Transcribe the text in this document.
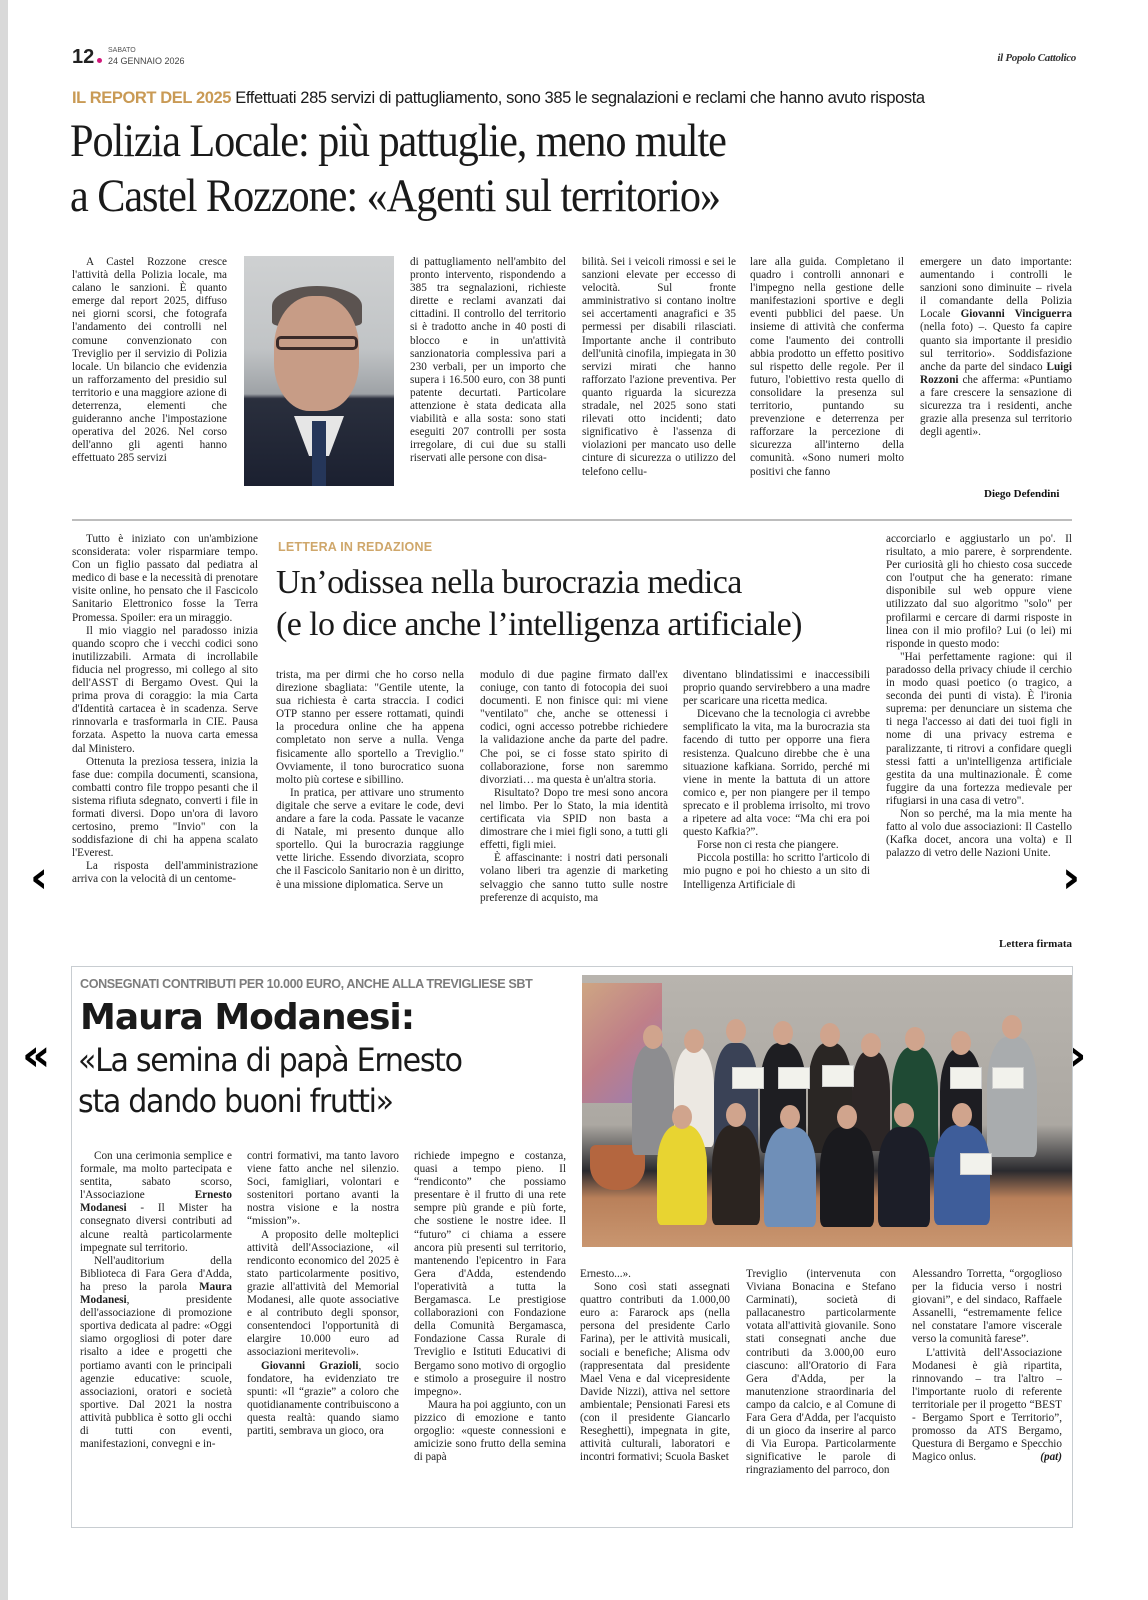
12 SABATO
24 GENNAIO 2026	il Popolo Cattolico
IL REPORT DEL 2025 Effettuati 285 servizi di pattugliamento, sono 385 le segnalazioni e reclami che hanno avuto risposta
Polizia Locale: più pattuglie, meno multe
a Castel Rozzone: «Agenti sul territorio»

A Castel Rozzone cresce l'attività della Polizia locale, ma calano le sanzioni. È quanto emerge dal report 2025, diffuso nei giorni scorsi, che fotografa l'andamento dei controlli nel comune convenzionato con Treviglio per il servizio di Polizia locale. Un bilancio che evidenzia un rafforzamento del presidio sul territorio e una maggiore azione di deterrenza, elementi che guideranno anche l'impostazione operativa del 2026. Nel corso dell'anno gli agenti hanno effettuato 285 servizi

di pattugliamento nell'ambito del pronto intervento, rispondendo a 385 tra segnalazioni, richieste dirette e reclami avanzati dai cittadini. Il controllo del territorio si è tradotto anche in 40 posti di blocco e in un'attività sanzionatoria complessiva pari a 230 verbali, per un importo che supera i 16.500 euro, con 38 punti patente decurtati. Particolare attenzione è stata dedicata alla viabilità e alla sosta: sono stati eseguiti 207 controlli per sosta irregolare, di cui due su stalli riservati alle persone con disa-

bilità. Sei i veicoli rimossi e sei le sanzioni elevate per eccesso di velocità. Sul fronte amministrativo si contano inoltre sei accertamenti anagrafici e 35 permessi per disabili rilasciati. Importante anche il contributo dell'unità cinofila, impiegata in 30 servizi mirati che hanno rafforzato l'azione preventiva. Per quanto riguarda la sicurezza stradale, nel 2025 sono stati rilevati otto incidenti; dato significativo è l'assenza di violazioni per mancato uso delle cinture di sicurezza o utilizzo del telefono cellu-

lare alla guida. Completano il quadro i controlli annonari e l'impegno nella gestione delle manifestazioni sportive e degli eventi pubblici del paese. Un insieme di attività che conferma come l'aumento dei controlli abbia prodotto un effetto positivo sul rispetto delle regole. Per il futuro, l'obiettivo resta quello di consolidare la presenza sul territorio, puntando su prevenzione e deterrenza per rafforzare la percezione di sicurezza all'interno della comunità. «Sono numeri molto positivi che fanno

emergere un dato importante: aumentando i controlli le sanzioni sono diminuite – rivela il comandante della Polizia Locale Giovanni Vinciguerra (nella foto) –. Questo fa capire quanto sia importante il presidio sul territorio». Soddisfazione anche da parte del sindaco Luigi Rozzoni che afferma: «Puntiamo a fare crescere la sensazione di sicurezza tra i residenti, anche grazie alla presenza sul territorio degli agenti».

Diego Defendini

Tutto è iniziato con un'ambizione sconsiderata: voler risparmiare tempo. Con un figlio passato dal pediatra al medico di base e la necessità di prenotare visite online, ho pensato che il Fascicolo Sanitario Elettronico fosse la Terra Promessa. Spoiler: era un miraggio.

Il mio viaggio nel paradosso inizia quando scopro che i vecchi codici sono inutilizzabili. Armata di incrollabile fiducia nel progresso, mi collego al sito dell'ASST di Bergamo Ovest. Qui la prima prova di coraggio: la mia Carta d'Identità cartacea è in scadenza. Serve rinnovarla e trasformarla in CIE. Pausa forzata. Aspetto la nuova carta emessa dal Ministero.

Ottenuta la preziosa tessera, inizia la fase due: compila documenti, scansiona, combatti contro file troppo pesanti che il sistema rifiuta sdegnato, converti i file in formati diversi. Dopo un'ora di lavoro certosino, premo "Invio" con la soddisfazione di chi ha appena scalato l'Everest.

La risposta dell'amministrazione arriva con la velocità di un centome-

LETTERA IN REDAZIONE
Un’odissea nella burocrazia medica
(e lo dice anche l’intelligenza artificiale)

trista, ma per dirmi che ho corso nella direzione sbagliata: "Gentile utente, la sua richiesta è carta straccia. I codici OTP stanno per essere rottamati, quindi la procedura online che ha appena completato non serve a nulla. Venga fisicamente allo sportello a Treviglio." Ovviamente, il tono burocratico suona molto più cortese e sibillino.

In pratica, per attivare uno strumento digitale che serve a evitare le code, devi andare a fare la coda. Passate le vacanze di Natale, mi presento dunque allo sportello. Qui la burocrazia raggiunge vette liriche. Essendo divorziata, scopro che il Fascicolo Sanitario non è un diritto, è una missione diplomatica. Serve un

modulo di due pagine firmato dall'ex coniuge, con tanto di fotocopia dei suoi documenti. E non finisce qui: mi viene "ventilato" che, anche se ottenessi i codici, ogni accesso potrebbe richiedere la validazione anche da parte del padre. Che poi, se ci fosse stato spirito di collaborazione, forse non saremmo divorziati… ma questa è un'altra storia.

Risultato? Dopo tre mesi sono ancora nel limbo. Per lo Stato, la mia identità certificata via SPID non basta a dimostrare che i miei figli sono, a tutti gli effetti, figli miei.

È affascinante: i nostri dati personali volano liberi tra agenzie di marketing selvaggio che sanno tutto sulle nostre preferenze di acquisto, ma

diventano blindatissimi e inaccessibili proprio quando servirebbero a una madre per scaricare una ricetta medica.

Dicevano che la tecnologia ci avrebbe semplificato la vita, ma la burocrazia sta facendo di tutto per opporre una fiera resistenza. Qualcuno direbbe che è una situazione kafkiana. Sorrido, perché mi viene in mente la battuta di un attore comico e, per non piangere per il tempo sprecato e il problema irrisolto, mi trovo a ripetere ad alta voce: “Ma chi era poi questo Kafkia?”.

Forse non ci resta che piangere.

Piccola postilla: ho scritto l'articolo di mio pugno e poi ho chiesto a un sito di Intelligenza Artificiale di

accorciarlo e aggiustarlo un po'. Il risultato, a mio parere, è sorprendente. Per curiosità gli ho chiesto cosa succede con l'output che ha generato: rimane disponibile sul web oppure viene utilizzato dal suo algoritmo "solo" per profilarmi e cercare di darmi risposte in linea con il mio profilo? Lui (o lei) mi risponde in questo modo:

"Hai perfettamente ragione: qui il paradosso della privacy chiude il cerchio in modo quasi poetico (o tragico, a seconda dei punti di vista). È l'ironia suprema: per denunciare un sistema che ti nega l'accesso ai dati dei tuoi figli in nome di una privacy estrema e paralizzante, ti ritrovi a confidare quegli stessi fatti a un'intelligenza artificiale gestita da una multinazionale. È come fuggire da una fortezza medievale per rifugiarsi in una casa di vetro".

Non so perché, ma la mia mente ha fatto al volo due associazioni: Il Castello (Kafka docet, ancora una volta) e Il palazzo di vetro delle Nazioni Unite.

Lettera firmata
‹	›
«
CONSEGNATI CONTRIBUTI PER 10.000 EURO, ANCHE ALLA TREVIGLIESE SBT
Maura Modanesi:
«La semina di papà Ernesto
sta dando buoni frutti»

Con una cerimonia semplice e formale, ma molto partecipata e sentita, sabato scorso, l'Associazione Ernesto Modanesi - Il Mister ha consegnato diversi contributi ad alcune realtà particolarmente impegnate sul territorio.

Nell'auditorium della Biblioteca di Fara Gera d'Adda, ha preso la parola Maura Modanesi, presidente dell'associazione di promozione sportiva dedicata al padre: «Oggi siamo orgogliosi di poter dare risalto a idee e progetti che portiamo avanti con le principali agenzie educative: scuole, associazioni, oratori e società sportive. Dal 2021 la nostra attività pubblica è sotto gli occhi di tutti con eventi, manifestazioni, convegni e in-

contri formativi, ma tanto lavoro viene fatto anche nel silenzio. Soci, famigliari, volontari e sostenitori portano avanti la nostra visione e la nostra “mission”».

A proposito delle molteplici attività dell'Associazione, «il rendiconto economico del 2025 è stato particolarmente positivo, grazie all'attività del Memorial Modanesi, alle quote associative e al contributo degli sponsor, consentendoci l'opportunità di elargire 10.000 euro ad associazioni meritevoli».

Giovanni Grazioli, socio fondatore, ha evidenziato tre spunti: «Il “grazie” a coloro che quotidianamente contribuiscono a questa realtà: quando siamo partiti, sembrava un gioco, ora

richiede impegno e costanza, quasi a tempo pieno. Il “rendiconto” che possiamo presentare è il frutto di una rete sempre più grande e più forte, che sostiene le nostre idee. Il “futuro” ci chiama a essere ancora più presenti sul territorio, mantenendo l'epicentro in Fara Gera d'Adda, estendendo l'operatività a tutta la Bergamasca. Le prestigiose collaborazioni con Fondazione della Comunità Bergamasca, Fondazione Cassa Rurale di Treviglio e Istituti Educativi di Bergamo sono motivo di orgoglio e stimolo a proseguire il nostro impegno».

Maura ha poi aggiunto, con un pizzico di emozione e tanto orgoglio: «queste connessioni e amicizie sono frutto della semina di papà

Ernesto...».

Sono così stati assegnati quattro contributi da 1.000,00 euro a: Fararock aps (nella persona del presidente Carlo Farina), per le attività musicali, sociali e benefiche; Alisma odv (rappresentata dal presidente Mael Vena e dal vicepresidente Davide Nizzi), attiva nel settore ambientale; Pensionati Faresi ets (con il presidente Giancarlo Reseghetti), impegnata in gite, attività culturali, laboratori e incontri formativi; Scuola Basket

Treviglio (intervenuta con Viviana Bonacina e Stefano Carminati), società di pallacanestro particolarmente votata all'attività giovanile. Sono stati consegnati anche due contributi da 3.000,00 euro ciascuno: all'Oratorio di Fara Gera d'Adda, per la manutenzione straordinaria del campo da calcio, e al Comune di Fara Gera d'Adda, per l'acquisto di un gioco da inserire al parco di Via Europa. Particolarmente significative le parole di ringraziamento del parroco, don

Alessandro Torretta, “orgoglioso per la fiducia verso i nostri giovani”, e del sindaco, Raffaele Assanelli, “estremamente felice nel constatare l'amore viscerale verso la comunità farese”.

L'attività dell'Associazione Modanesi è già ripartita, rinnovando – tra l'altro – l'importante ruolo di referente territoriale per il progetto “BEST - Bergamo Sport e Territorio”, promosso da ATS Bergamo, Questura di Bergamo e Specchio Magico onlus.	(pat)
